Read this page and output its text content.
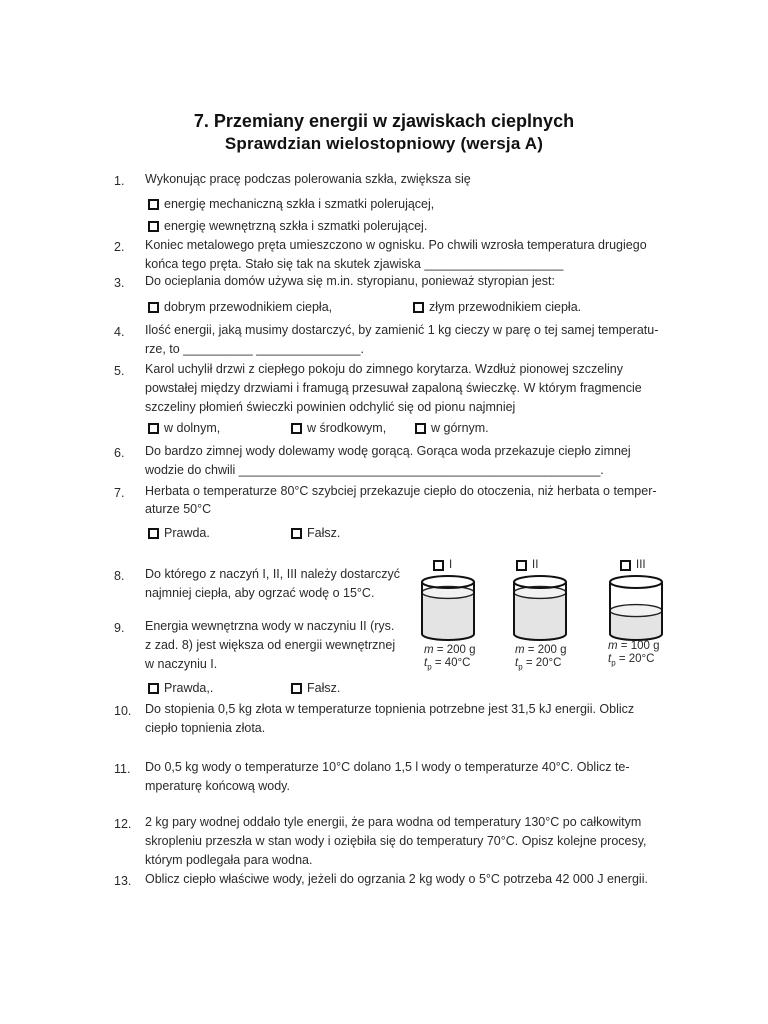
7. Przemiany energii w zjawiskach cieplnych
Sprawdzian wielostopniowy (wersja A)
1. Wykonując pracę podczas polerowania szkła, zwiększa się
energię mechaniczną szkła i szmatki polerującej,
energię wewnętrzną szkła i szmatki polerującej.
2. Koniec metalowego pręta umieszczono w ognisku. Po chwili wzrosła temperatura drugiego
końca tego pręta. Stało się tak na skutek zjawiska ____________________
3. Do ocieplania domów używa się m.in. styropianu, ponieważ styropian jest:
dobrym przewodnikiem ciepła,	złym przewodnikiem ciepła.
4. Ilość energii, jaką musimy dostarczyć, by zamienić 1 kg cieczy w parę o tej samej temperatu-
rze, to __________ _______________.
5. Karol uchylił drzwi z ciepłego pokoju do zimnego korytarza. Wzdłuż pionowej szczeliny
powstałej między drzwiami i framugą przesuwał zapaloną świeczkę. W którym fragmencie
szczeliny płomień świeczki powinien odchylić się od pionu najmniej
w dolnym,	w środkowym,	w górnym.
6. Do bardzo zimnej wody dolewamy wodę gorącą. Gorąca woda przekazuje ciepło zimnej
wodzie do chwili ____________________________________________________.
7. Herbata o temperaturze 80°C szybciej przekazuje ciepło do otoczenia, niż herbata o temper-
aturze 50°C
Prawda.	Fałsz.
8. Do którego z naczyń I, II, III należy dostarczyć
najmniej ciepła, aby ogrzać wodę o 15°C.
9. Energia wewnętrzna wody w naczyniu II (rys.
z zad. 8) jest większa od energii wewnętrznej
w naczyniu I.
Prawda,.	Fałsz.
I
m = 200 g
$t_p = 40^\circ C$
II
m = 200 g
$t_p = 20^\circ C$
III
m = 100 g
$t_p = 20^\circ C$
10. Do stopienia 0,5 kg złota w temperaturze topnienia potrzebne jest 31,5 kJ energii. Oblicz
ciepło topnienia złota.
11. Do 0,5 kg wody o temperaturze 10°C dolano 1,5 l wody o temperaturze 40°C. Oblicz te-
mperaturę końcową wody.
12. 2 kg pary wodnej oddało tyle energii, że para wodna od temperatury 130°C po całkowitym
skropleniu przeszła w stan wody i oziębiła się do temperatury 70°C. Opisz kolejne procesy,
którym podlegała para wodna.
13. Oblicz ciepło właściwe wody, jeżeli do ogrzania 2 kg wody o 5°C potrzeba 42 000 J energii.
